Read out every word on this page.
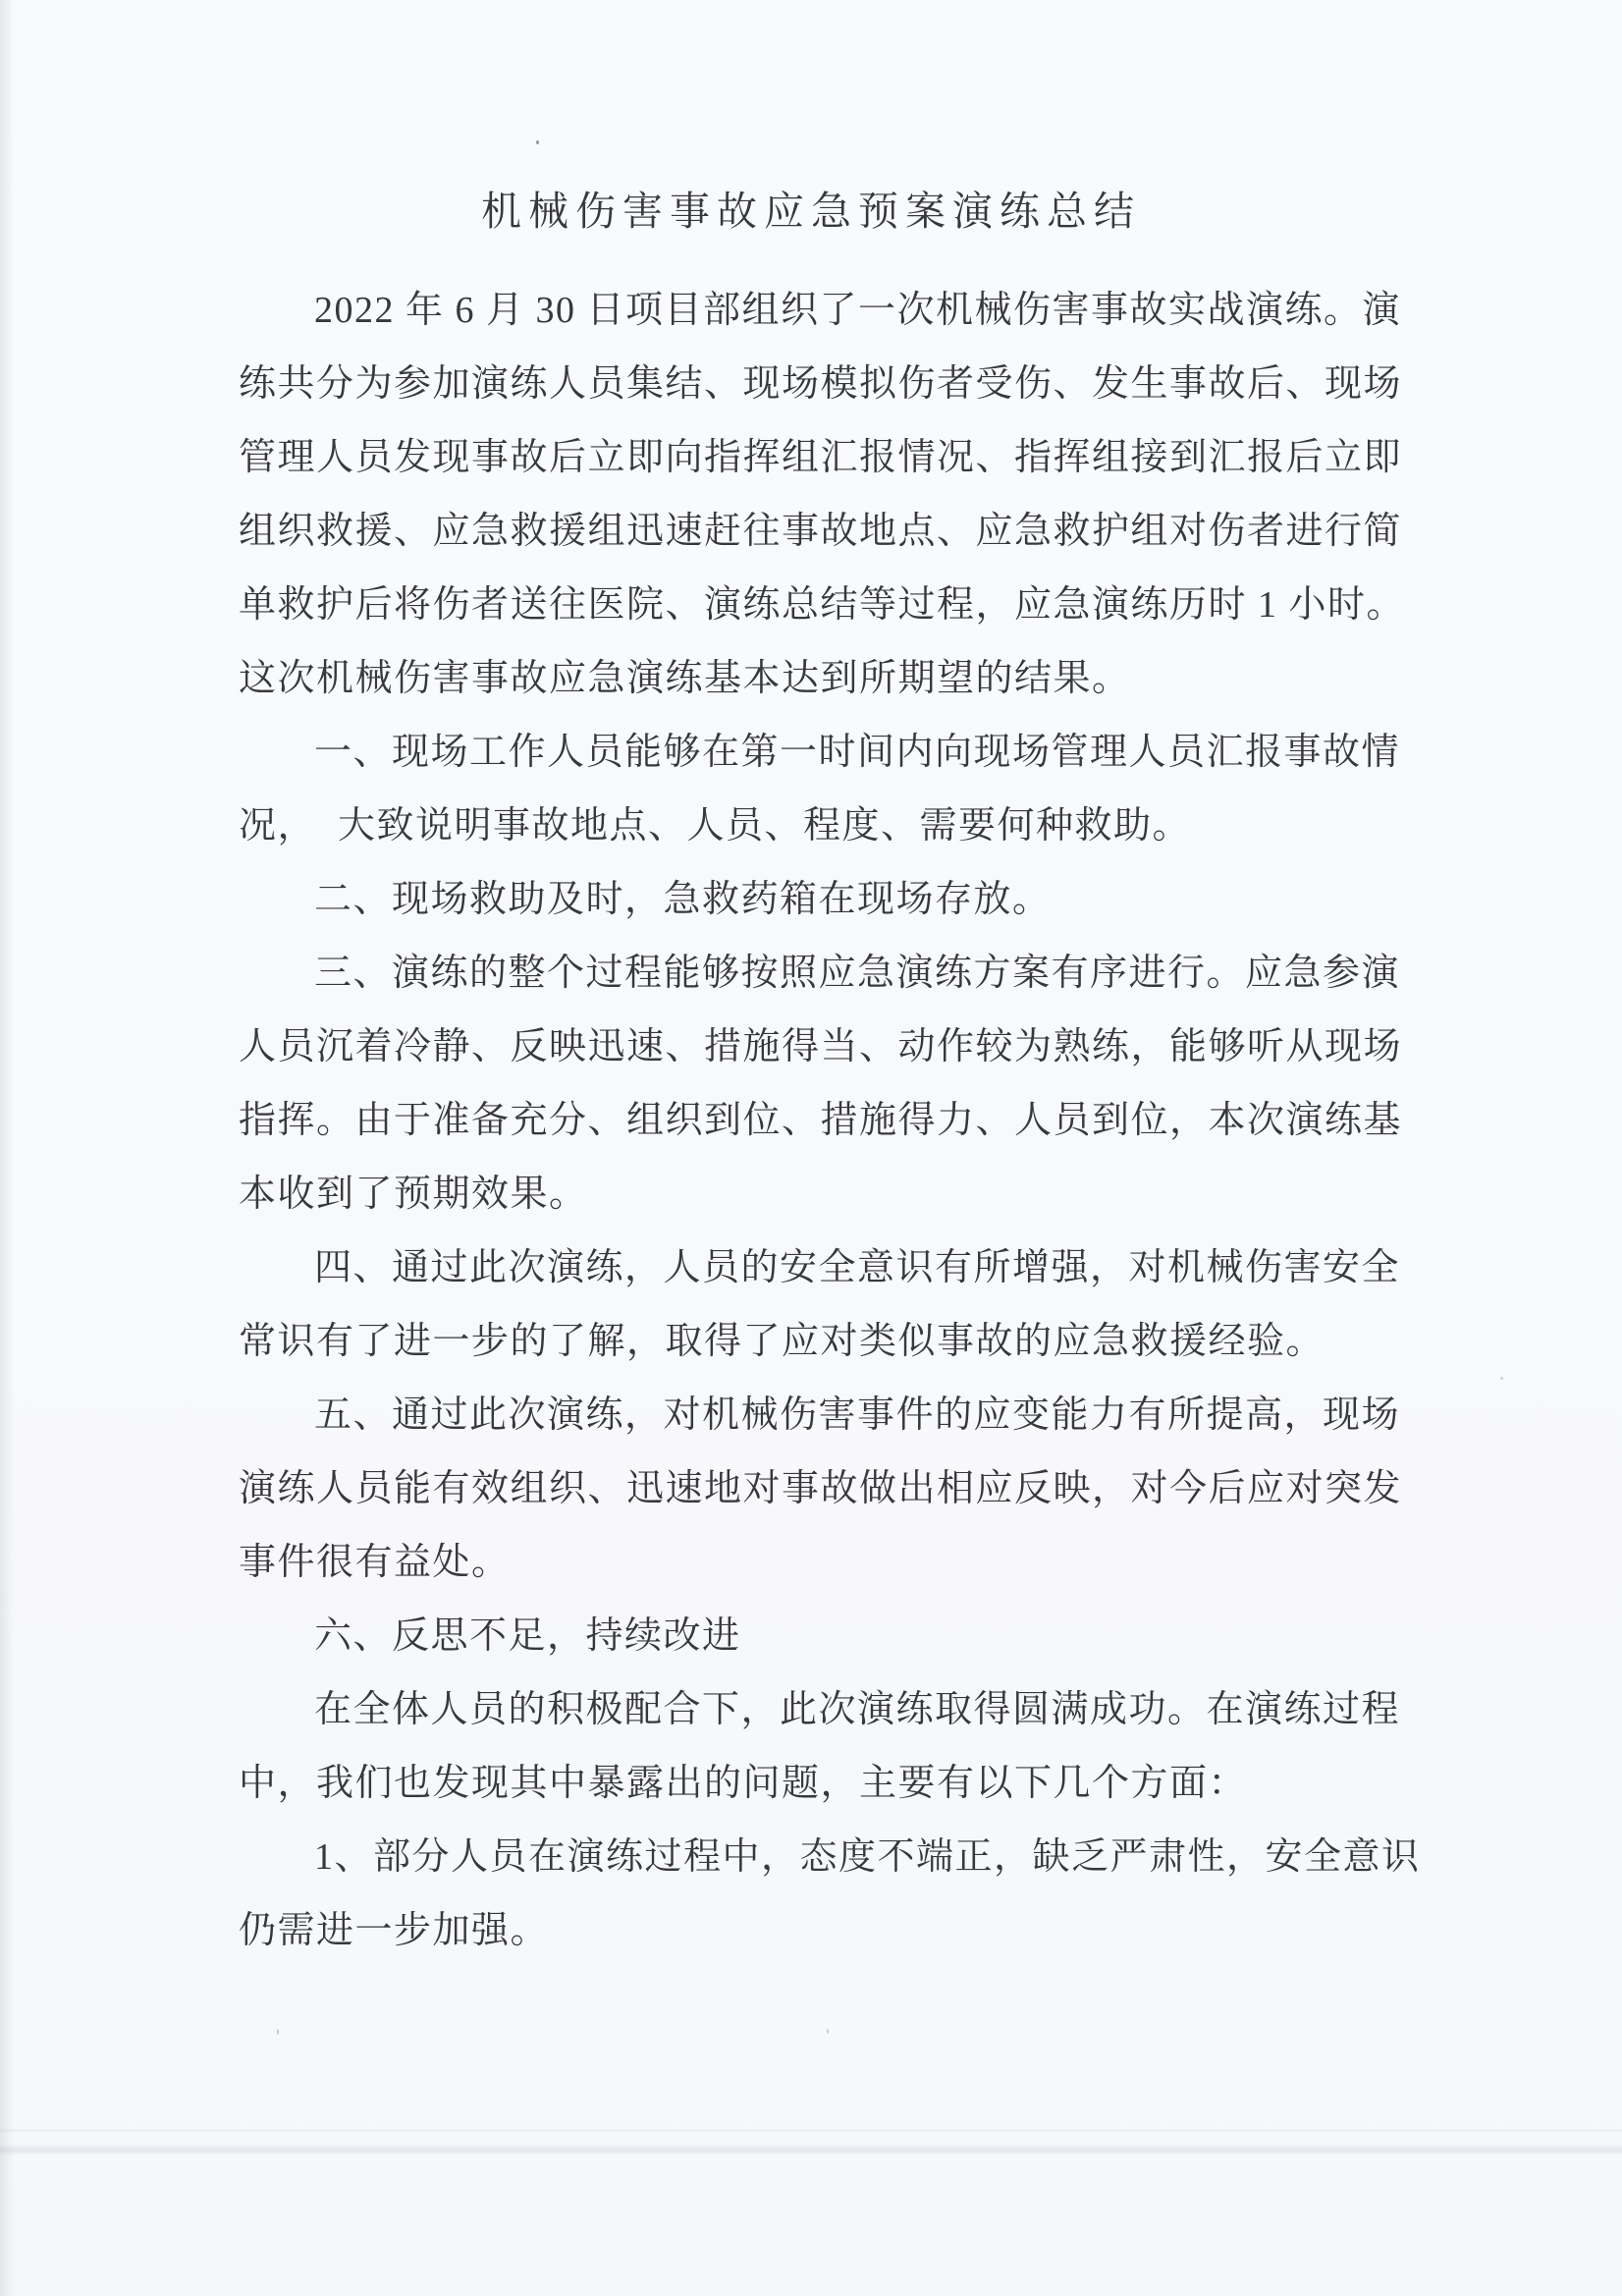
机械伤害事故应急预案演练总结
2022 年 6 月 30 日项目部组织了一次机械伤害事故实战演练。演
练共分为参加演练人员集结、现场模拟伤者受伤、发生事故后、现场
管理人员发现事故后立即向指挥组汇报情况、指挥组接到汇报后立即
组织救援、应急救援组迅速赶往事故地点、应急救护组对伤者进行简
单救护后将伤者送往医院、演练总结等过程，应急演练历时 1 小时。
这次机械伤害事故应急演练基本达到所期望的结果。
一、现场工作人员能够在第一时间内向现场管理人员汇报事故情
况，  大致说明事故地点、人员、程度、需要何种救助。
二、现场救助及时，急救药箱在现场存放。
三、演练的整个过程能够按照应急演练方案有序进行。应急参演
人员沉着冷静、反映迅速、措施得当、动作较为熟练，能够听从现场
指挥。由于准备充分、组织到位、措施得力、人员到位，本次演练基
本收到了预期效果。
四、通过此次演练，人员的安全意识有所增强，对机械伤害安全
常识有了进一步的了解，取得了应对类似事故的应急救援经验。
五、通过此次演练，对机械伤害事件的应变能力有所提高，现场
演练人员能有效组织、迅速地对事故做出相应反映，对今后应对突发
事件很有益处。
六、反思不足，持续改进
在全体人员的积极配合下，此次演练取得圆满成功。在演练过程
中，我们也发现其中暴露出的问题，主要有以下几个方面：
1、部分人员在演练过程中，态度不端正，缺乏严肃性，安全意识
仍需进一步加强。
